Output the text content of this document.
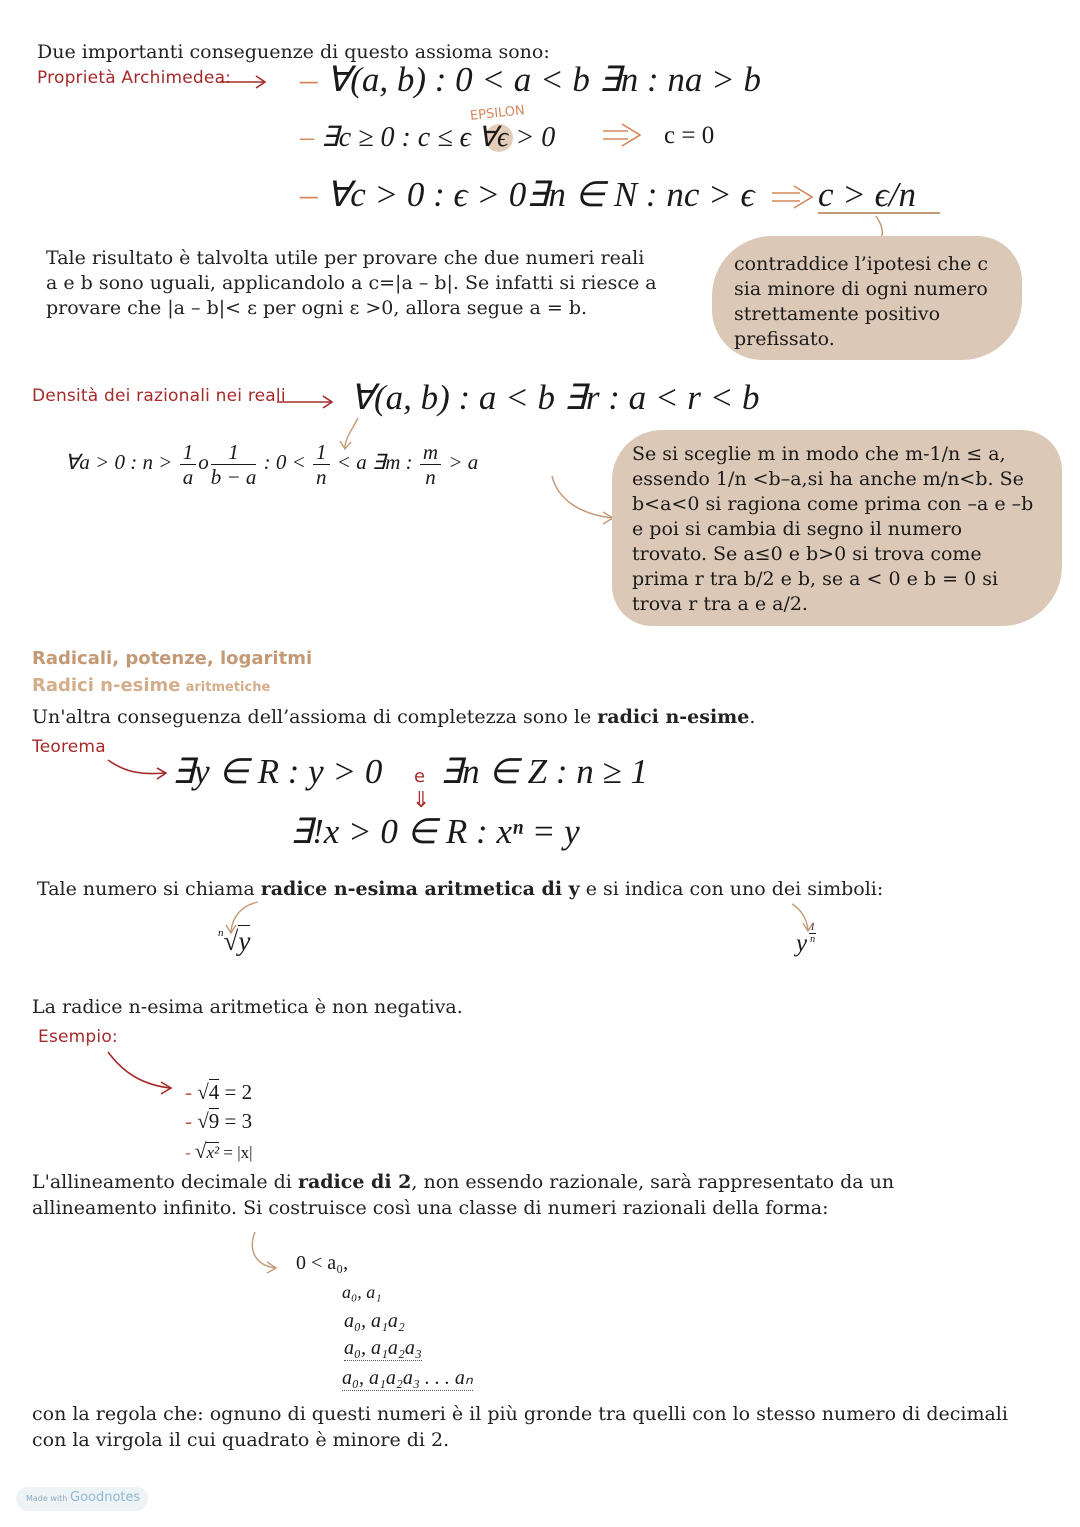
Due importanti conseguenze di questo assioma sono:
Proprietà Archimedea: – ∀(a, b) : 0 < a < b ∃n : na > b
EPSILON
– ∃c ≥ 0 : c ≤ ϵ ∀ϵ > 0	c = 0
– ∀c > 0 : ϵ > 0∃n ∈ N : nc > ϵ c > ϵ/n
Tale risultato è talvolta utile per provare che due numeri reali
a e b sono uguali, applicandolo a c=|a – b|. Se infatti si riesce a
provare che |a – b|< ε per ogni ε >0, allora segue a = b.
contraddice l’ipotesi che c
sia minore di ogni numero
strettamente positivo
prefissato.
Densità dei razionali nei reali ∀(a, b) : a < b ∃r : a < r < b
∀a > 0 : $n > \frac{1}{a}$ o $\frac{1}{b - a}$ : $0 < \frac{1}{n} < a$ ∃m : $\frac{m}{n} > a$	Se si sceglie m in modo che m-1/n ≤ a,
essendo 1/n <b–a,si ha anche m/n<b. Se
b<a<0 si ragiona come prima con –a e –b
e poi si cambia di segno il numero
trovato. Se a≤0 e b>0 si trova come
prima r tra b/2 e b, se a < 0 e b = 0 si
trova r tra a e a/2.
Radicali, potenze, logaritmi
Radici n-esime aritmetiche
Un'altra conseguenza dell’assioma di completezza sono le radici n-esime.
Teorema
∃y ∈ R : y > 0 e ∃n ∈ Z : n ≥ 1
⇓
∃!x > 0 ∈ R : xⁿ = y
Tale numero si chiama radice n-esima aritmetica di y e si indica con uno dei simboli:
$^n$√y	y $\frac{1}{n}$
La radice n-esima aritmetica è non negativa.
Esempio:
- √4 = 2
- √9 = 3
- √x² = |x|
L'allineamento decimale di radice di 2, non essendo razionale, sarà rappresentato da un
allineamento infinito. Si costruisce così una classe di numeri razionali della forma:
0 < a₀,
a₀, a₁
a₀, a₁a₂
a₀, a₁a₂a₃
a₀, a₁a₂a₃ . . . aₙ
con la regola che: ognuno di questi numeri è il più gronde tra quelli con lo stesso numero di decimali
con la virgola il cui quadrato è minore di 2.
Made with Goodnotes
